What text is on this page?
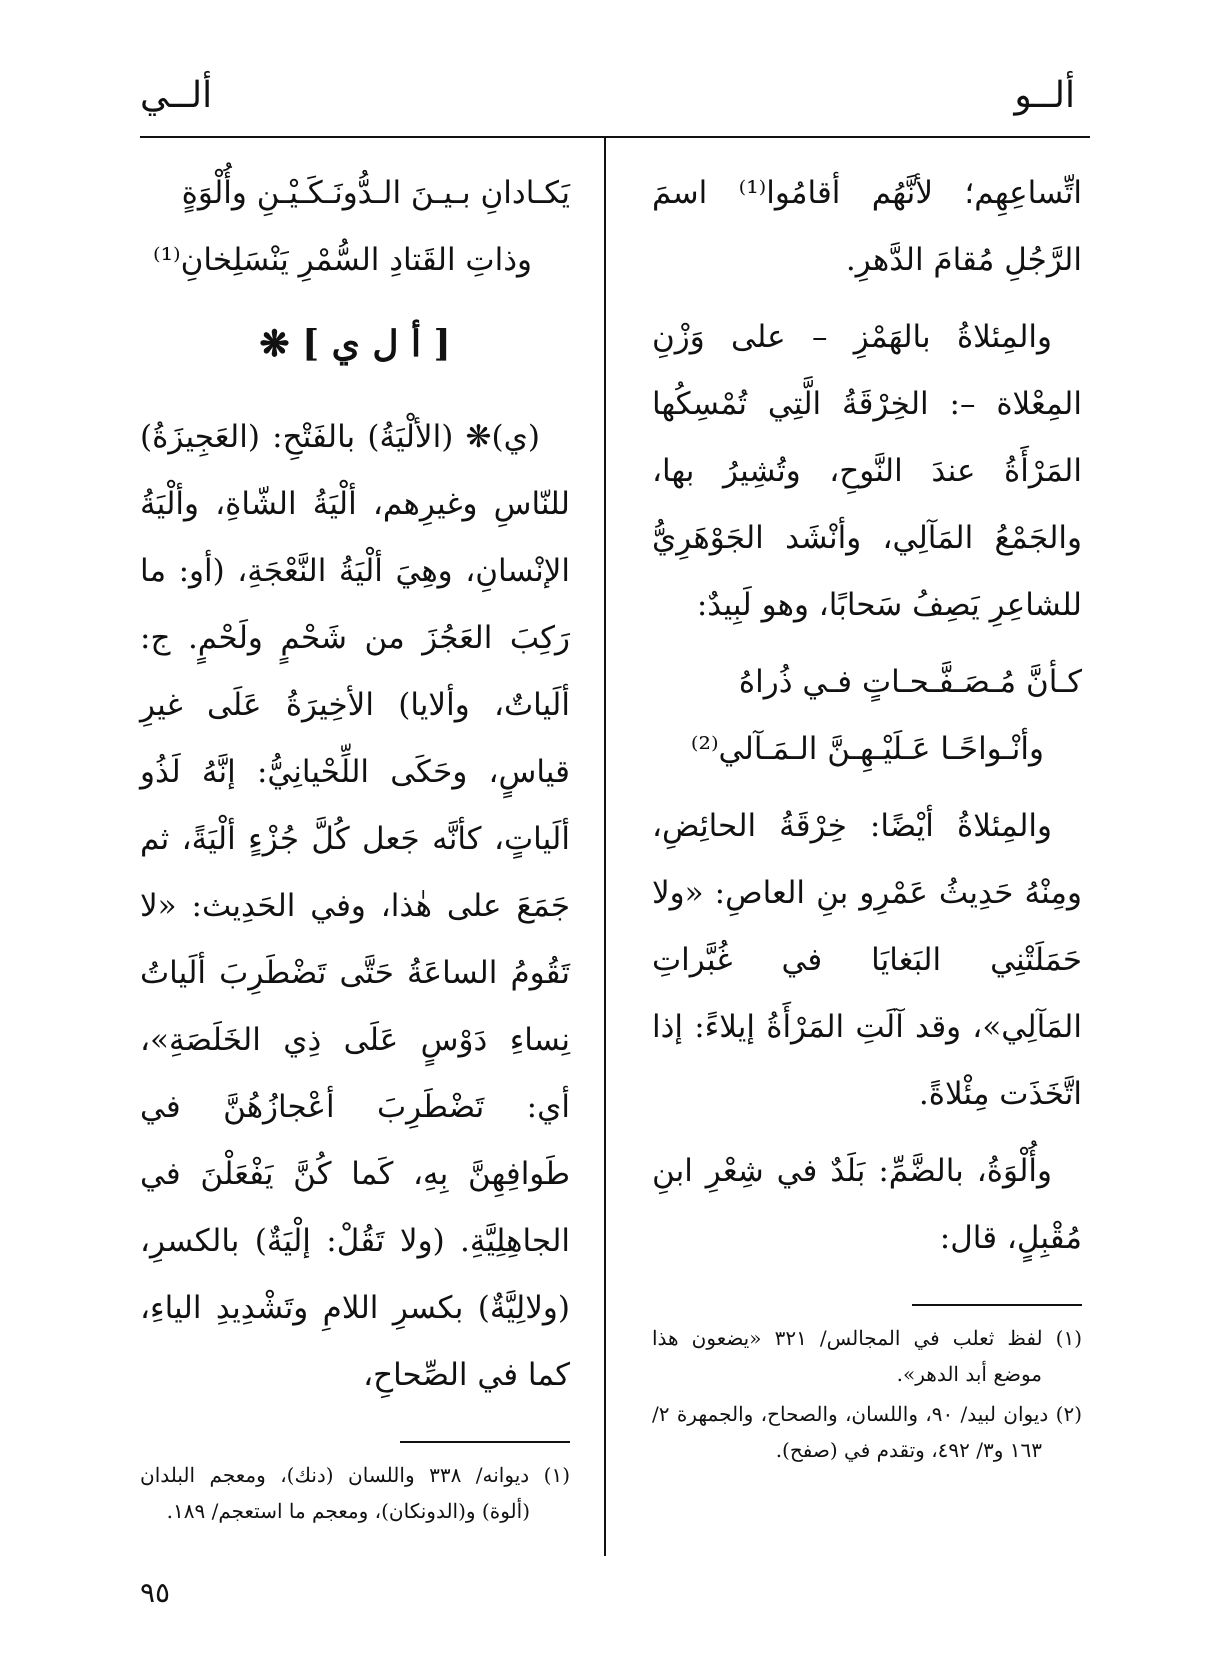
ألــو
ألــي

اتِّساعِهِم؛ لأنَّهُم أقامُوا⁽¹⁾ اسمَ الرَّجُلِ مُقامَ الدَّهرِ.

والمِئلاةُ بالهَمْزِ – على وَزْنِ المِعْلاة –: الخِرْقَةُ الَّتِي تُمْسِكُها المَرْأَةُ عندَ النَّوحِ، وتُشِيرُ بها، والجَمْعُ المَآلِي، وأنْشَد الجَوْهَرِيُّ للشاعِرِ يَصِفُ سَحابًا، وهو لَبِيدٌ:

كـأنَّ مُـصَـفَّـحـاتٍ فـي ذُراهُ
وأنْـواحًـا عَـلَيْـهِـنَّ الـمَـآلي⁽²⁾

والمِئلاةُ أيْضًا: خِرْقَةُ الحائِضِ، ومِنْهُ حَدِيثُ عَمْرِو بنِ العاصِ: «ولا حَمَلَتْنِي البَغايَا في غُبَّراتِ المَآلِي»، وقد آلَتِ المَرْأَةُ إيلاءً: إذا اتَّخَذَت مِئْلاةً.

وأُلْوَةُ، بالضَّمِّ: بَلَدٌ في شِعْرِ ابنِ مُقْبِلٍ، قال:

(١) لفظ ثعلب في المجالس/ ٣٢١ «يضعون هذا موضع أبد الدهر».

(٢) ديوان لبيد/ ٩٠، واللسان، والصحاح، والجمهرة ٢/ ١٦٣ و٣/ ٤٩٢، وتقدم في (صفح).

يَكـادانِ بـيـنَ الـدُّونَـكَـيْـنِ وأُلْوَةٍ
وذاتِ القَتادِ السُّمْرِ يَنْسَلِخانِ⁽¹⁾
[ أ ل ي ] ❋

(ي)❋ (الألْيَةُ) بالفَتْحِ: (العَجِيزَةُ) للنّاسِ وغيرِهم، ألْيَةُ الشّاةِ، وألْيَةُ الإنْسانِ، وهِيَ ألْيَةُ النَّعْجَةِ، (أو: ما رَكِبَ العَجُزَ من شَحْمٍ ولَحْمٍ. ج: ألَياتٌ، وألايا) الأخِيرَةُ عَلَى غيرِ قياسٍ، وحَكَى اللِّحْيانِيُّ: إنَّهُ لَذُو ألَياتٍ، كأنَّه جَعل كُلَّ جُزْءٍ ألْيَةً، ثم جَمَعَ على هٰذا، وفي الحَدِيث: «لا تَقُومُ الساعَةُ حَتَّى تَضْطَرِبَ ألَياتُ نِساءِ دَوْسٍ عَلَى ذِي الخَلَصَةِ»، أي: تَضْطَرِبَ أعْجازُهُنَّ في طَوافِهِنَّ بِهِ، كَما كُنَّ يَفْعَلْنَ في الجاهِلِيَّةِ. (ولا تَقُلْ: إلْيَةٌ) بالكسرِ، (ولالِيَّةٌ) بكسرِ اللامِ وتَشْدِيدِ الياءِ، كما في الصِّحاحِ،

(١) ديوانه/ ٣٣٨ واللسان (دنك)، ومعجم البلدان (ألوة) و(الدونكان)، ومعجم ما استعجم/ ١٨٩.

٩٥
